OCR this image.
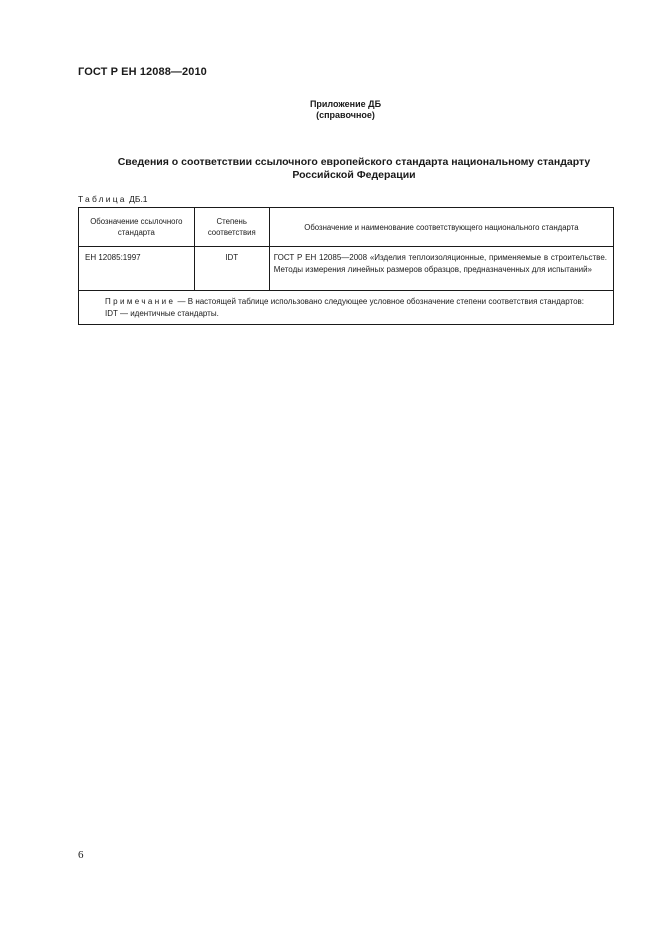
ГОСТ Р ЕН 12088—2010
Приложение ДБ
(справочное)
Сведения о соответствии ссылочного европейского стандарта национальному стандарту
Российской Федерации
Таблица ДБ.1
Обозначение ссылочного стандарта	Степень соответствия	Обозначение и наименование соответствующего национального стандарта
ЕН 12085:1997	IDT	ГОСТ Р ЕН 12085—2008 «Изделия теплоизоляционные, применяемые в строительстве. Методы измерения линейных размеров образцов, предназначенных для испытаний»

Примечание — В настоящей таблице использовано следующее условное обозначение степени соответствия стандартов:
IDT — идентичные стандарты.		
6
